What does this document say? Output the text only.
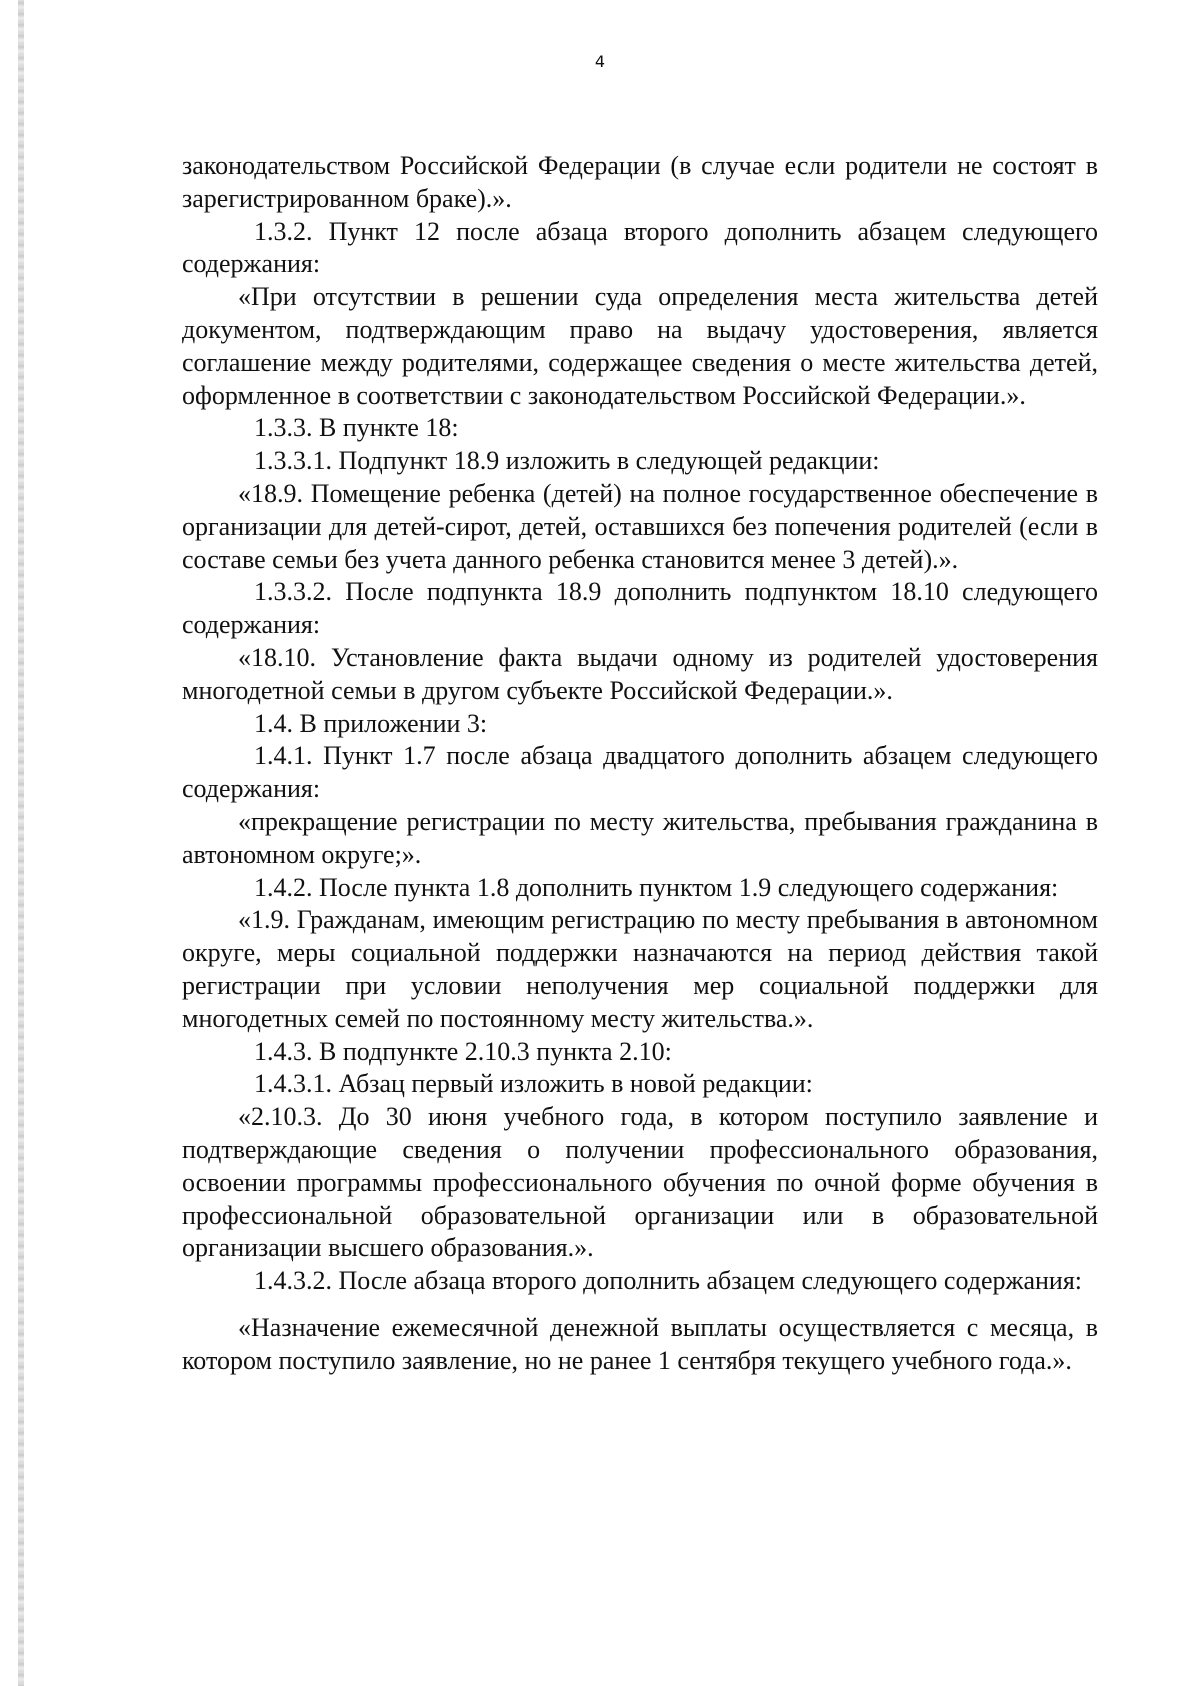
4

законодательством Российской Федерации (в случае если родители не состоят в зарегистрированном браке).».

1.3.2. Пункт 12 после абзаца второго дополнить абзацем следующего содержания:

«При отсутствии в решении суда определения места жительства детей документом, подтверждающим право на выдачу удостоверения, является соглашение между родителями, содержащее сведения о месте жительства детей, оформленное в соответствии с законодательством Российской Федерации.».

1.3.3. В пункте 18:

1.3.3.1. Подпункт 18.9 изложить в следующей редакции:

«18.9. Помещение ребенка (детей) на полное государственное обеспечение в организации для детей-сирот, детей, оставшихся без попечения родителей (если в составе семьи без учета данного ребенка становится менее 3 детей).».

1.3.3.2. После подпункта 18.9 дополнить подпунктом 18.10 следующего содержания:

«18.10. Установление факта выдачи одному из родителей удостоверения многодетной семьи в другом субъекте Российской Федерации.».

1.4. В приложении 3:

1.4.1. Пункт 1.7 после абзаца двадцатого дополнить абзацем следующего содержания:

«прекращение регистрации по месту жительства, пребывания гражданина в автономном округе;».

1.4.2. После пункта 1.8 дополнить пунктом 1.9 следующего содержания:

«1.9. Гражданам, имеющим регистрацию по месту пребывания в автономном округе, меры социальной поддержки назначаются на период действия такой регистрации при условии неполучения мер социальной поддержки для многодетных семей по постоянному месту жительства.».

1.4.3. В подпункте 2.10.3 пункта 2.10:

1.4.3.1. Абзац первый изложить в новой редакции:

«2.10.3. До 30 июня учебного года, в котором поступило заявление и подтверждающие сведения о получении профессионального образования, освоении программы профессионального обучения по очной форме обучения в профессиональной образовательной организации или в образовательной организации высшего образования.».

1.4.3.2. После абзаца второго дополнить абзацем следующего содержания:

«Назначение ежемесячной денежной выплаты осуществляется с месяца, в котором поступило заявление, но не ранее 1 сентября текущего учебного года.».
